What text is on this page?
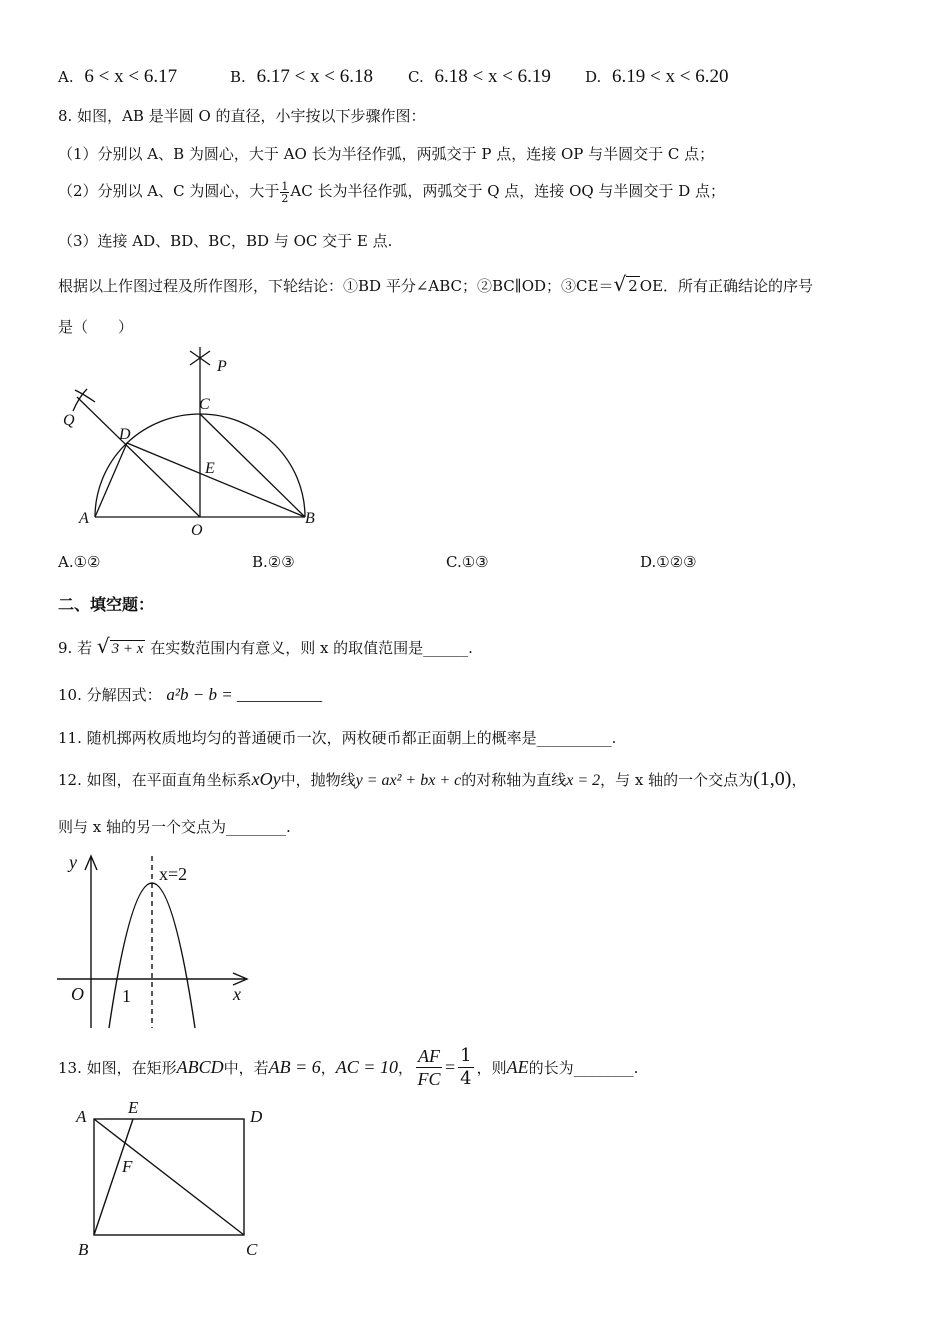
A. 6 < x < 6.17	B. 6.17 < x < 6.18 C. 6.18 < x < 6.19 D. 6.19 < x < 6.20
8. 如图，AB 是半圆 O 的直径，小宇按以下步骤作图：
（1）分别以 A、B 为圆心，大于 AO 长为半径作弧，两弧交于 P 点，连接 OP 与半圆交于 C 点；
（2）分别以 A、C 为圆心，大于 $\frac{1}{2}$ AC 长为半径作弧，两弧交于 Q 点，连接 OQ 与半圆交于 D 点；
（3）连接 AD、BD、BC，BD 与 OC 交于 E 点.
根据以上作图过程及所作图形，下轮结论：①BD 平分∠ABC；②BC∥OD；③CE＝√ 2 OE．所有正确结论的序号
是（　　）
P
C
Q
D
E
A
O
B
A.①②	B.②③	C.①③	D.①②③
二、填空题：
9. 若 √ 3 + x 在实数范围内有意义，则 x 的取值范围是______.
10. 分解因式： a²b − b = __________
11. 随机掷两枚质地均匀的普通硬币一次，两枚硬币都正面朝上的概率是__________.
12. 如图，在平面直角坐标系xOy中，抛物线y = ax² + bx + c的对称轴为直线x = 2，与 x 轴的一个交点为(1,0)，
则与 x 轴的另一个交点为________.
y
x=2
O 1	x
13. 如图，在矩形ABCD中，若AB = 6，AC = 10， $\frac{AF}{FC} = \frac{1}{4}$ ，则AE的长为________.
A E	D
F
B	C
